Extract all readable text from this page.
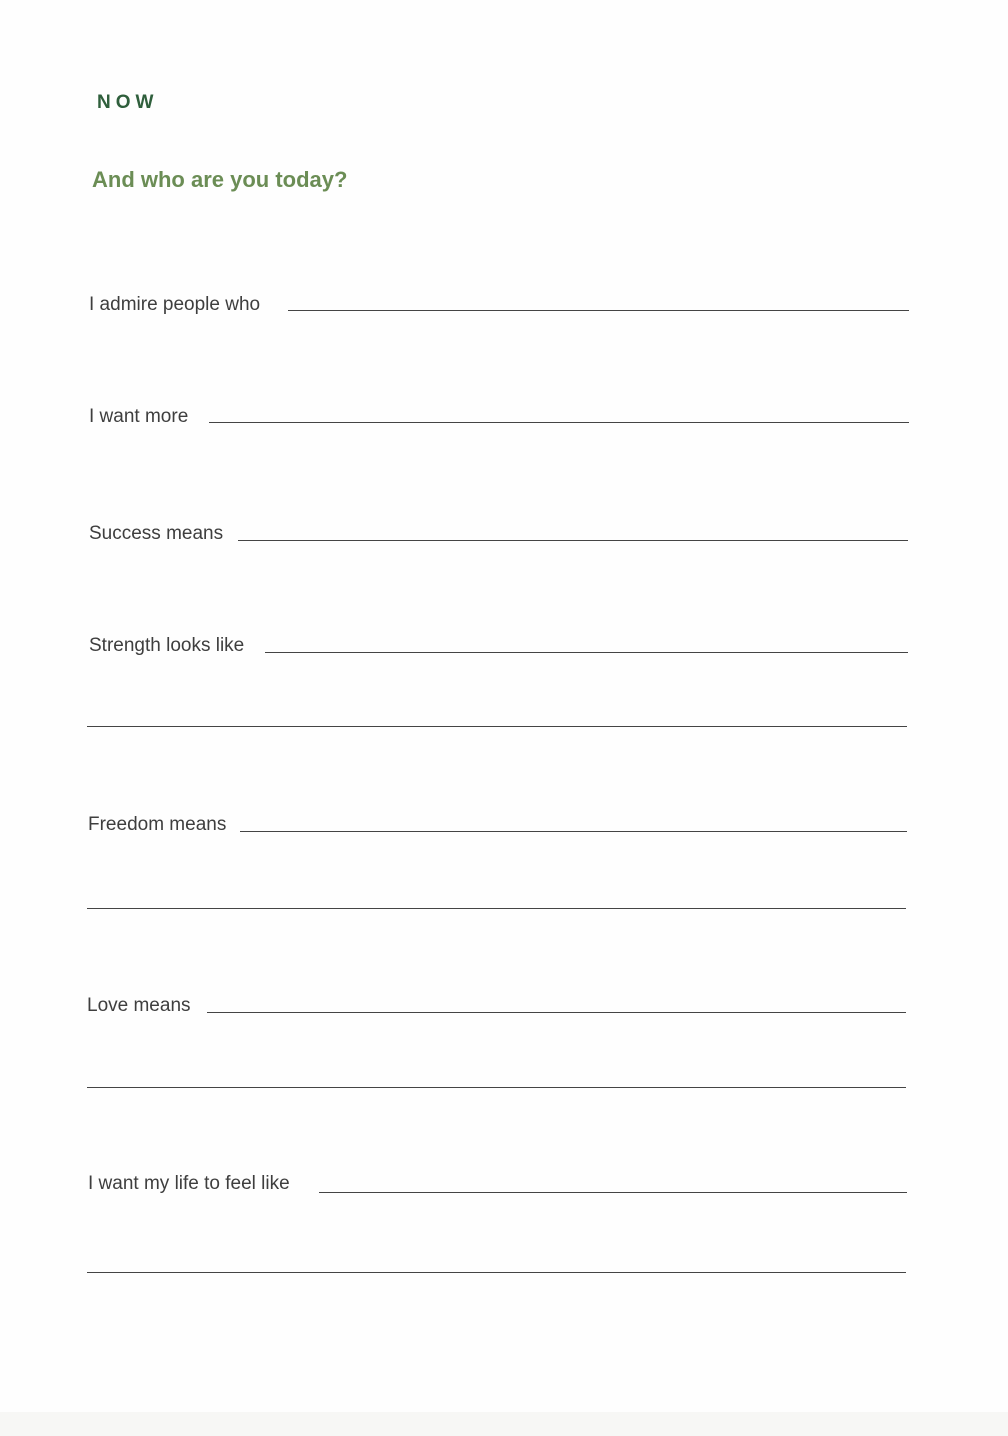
NOW
And who are you today?
I admire people who
I want more
Success means
Strength looks like
Freedom means
Love means
I want my life to feel like
